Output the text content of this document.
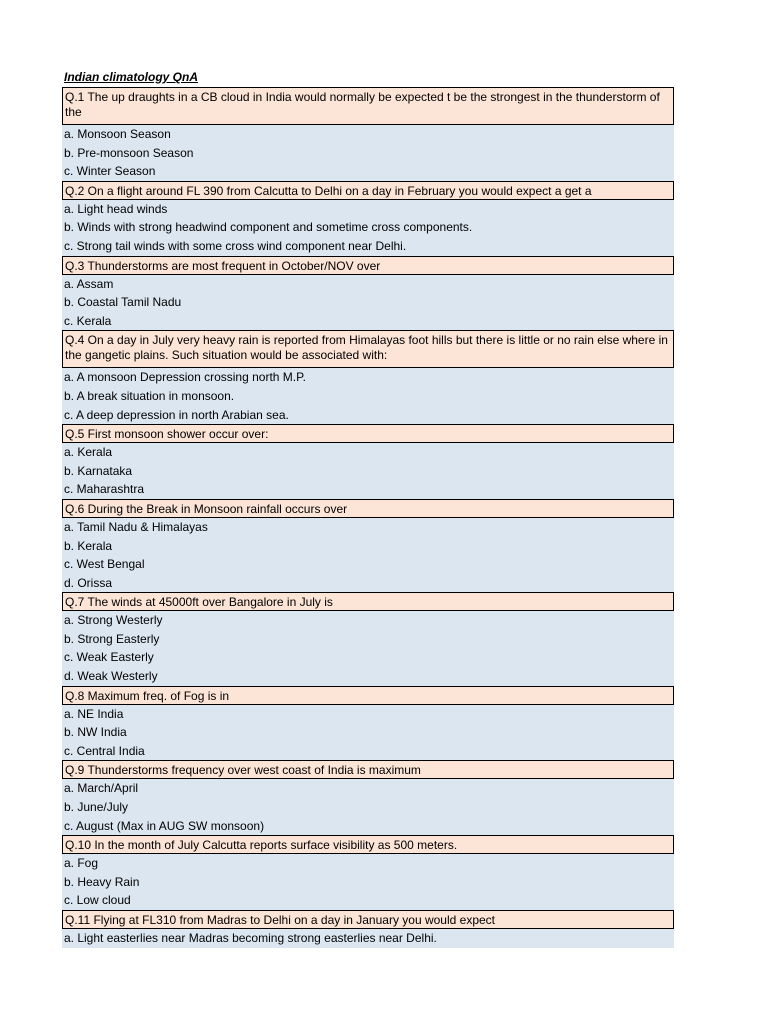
Indian climatology QnA
Q.1 The up draughts in a CB cloud in India would normally be expected t be the strongest in the thunderstorm of the
a. Monsoon Season
b. Pre-monsoon Season
c. Winter Season
Q.2 On a flight around FL 390 from Calcutta to Delhi on a day in February you would expect a get a
a. Light head winds
b. Winds with strong headwind component and sometime cross components.
c. Strong tail winds with some cross wind component near Delhi.
Q.3 Thunderstorms are most frequent in October/NOV over
a. Assam
b. Coastal Tamil Nadu
c. Kerala
Q.4 On a day in July very heavy rain is reported from Himalayas foot hills but there is little or no rain else where in the gangetic plains. Such situation would be associated with:
a. A monsoon Depression crossing north M.P.
b. A break situation in monsoon.
c. A deep depression in north Arabian sea.
Q.5 First monsoon shower occur over:
a. Kerala
b. Karnataka
c. Maharashtra
Q.6 During the Break in Monsoon rainfall occurs over
a. Tamil Nadu & Himalayas
b. Kerala
c. West Bengal
d. Orissa
Q.7 The winds at 45000ft over Bangalore in July is
a. Strong Westerly
b. Strong Easterly
c. Weak Easterly
d. Weak Westerly
Q.8 Maximum freq. of Fog is in
a. NE India
b. NW India
c. Central India
Q.9 Thunderstorms frequency over west coast of India is maximum
a. March/April
b. June/July
c. August (Max in AUG SW monsoon)
Q.10 In the month of July Calcutta reports surface visibility as 500 meters.
a. Fog
b. Heavy Rain
c. Low cloud
Q.11 Flying at FL310 from Madras to Delhi on a day in January you would expect
a. Light easterlies near Madras becoming strong easterlies near Delhi.
